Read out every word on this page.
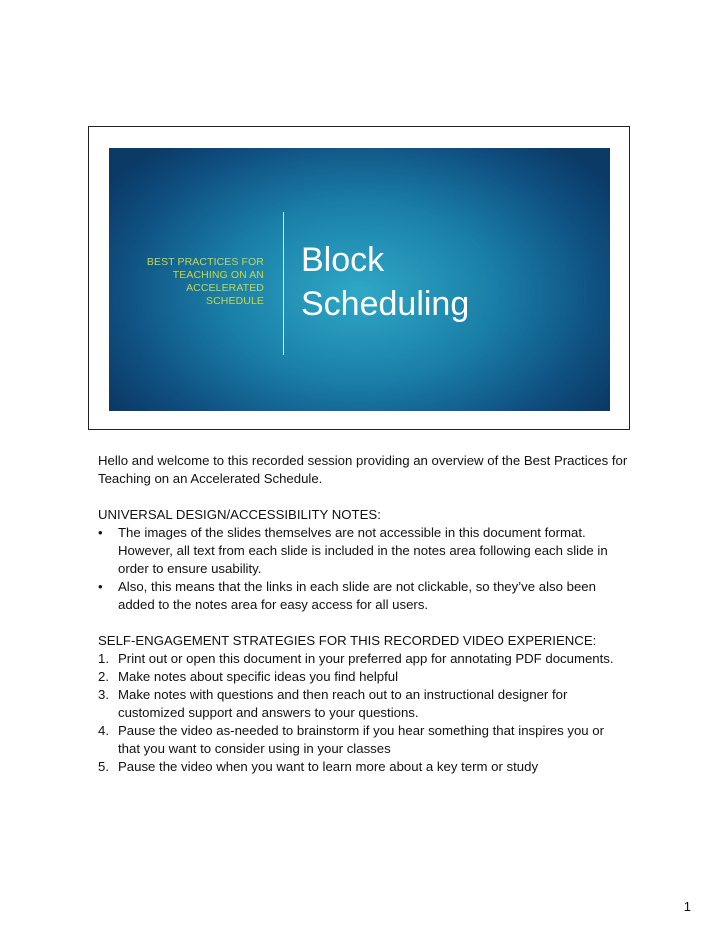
BEST PRACTICES FOR
TEACHING ON AN
ACCELERATED
SCHEDULE
Block
Scheduling

Hello and welcome to this recorded session providing an overview of the Best Practices for Teaching on an Accelerated Schedule.

UNIVERSAL DESIGN/ACCESSIBILITY NOTES:

• The images of the slides themselves are not accessible in this document format. However, all text from each slide is included in the notes area following each slide in order to ensure usability.
• Also, this means that the links in each slide are not clickable, so they’ve also been added to the notes area for easy access for all users.

SELF-ENGAGEMENT STRATEGIES FOR THIS RECORDED VIDEO EXPERIENCE:

1. Print out or open this document in your preferred app for annotating PDF documents.
2. Make notes about specific ideas you find helpful
3. Make notes with questions and then reach out to an instructional designer for customized support and answers to your questions.
4. Pause the video as-needed to brainstorm if you hear something that inspires you or that you want to consider using in your classes
5. Pause the video when you want to learn more about a key term or study
1
